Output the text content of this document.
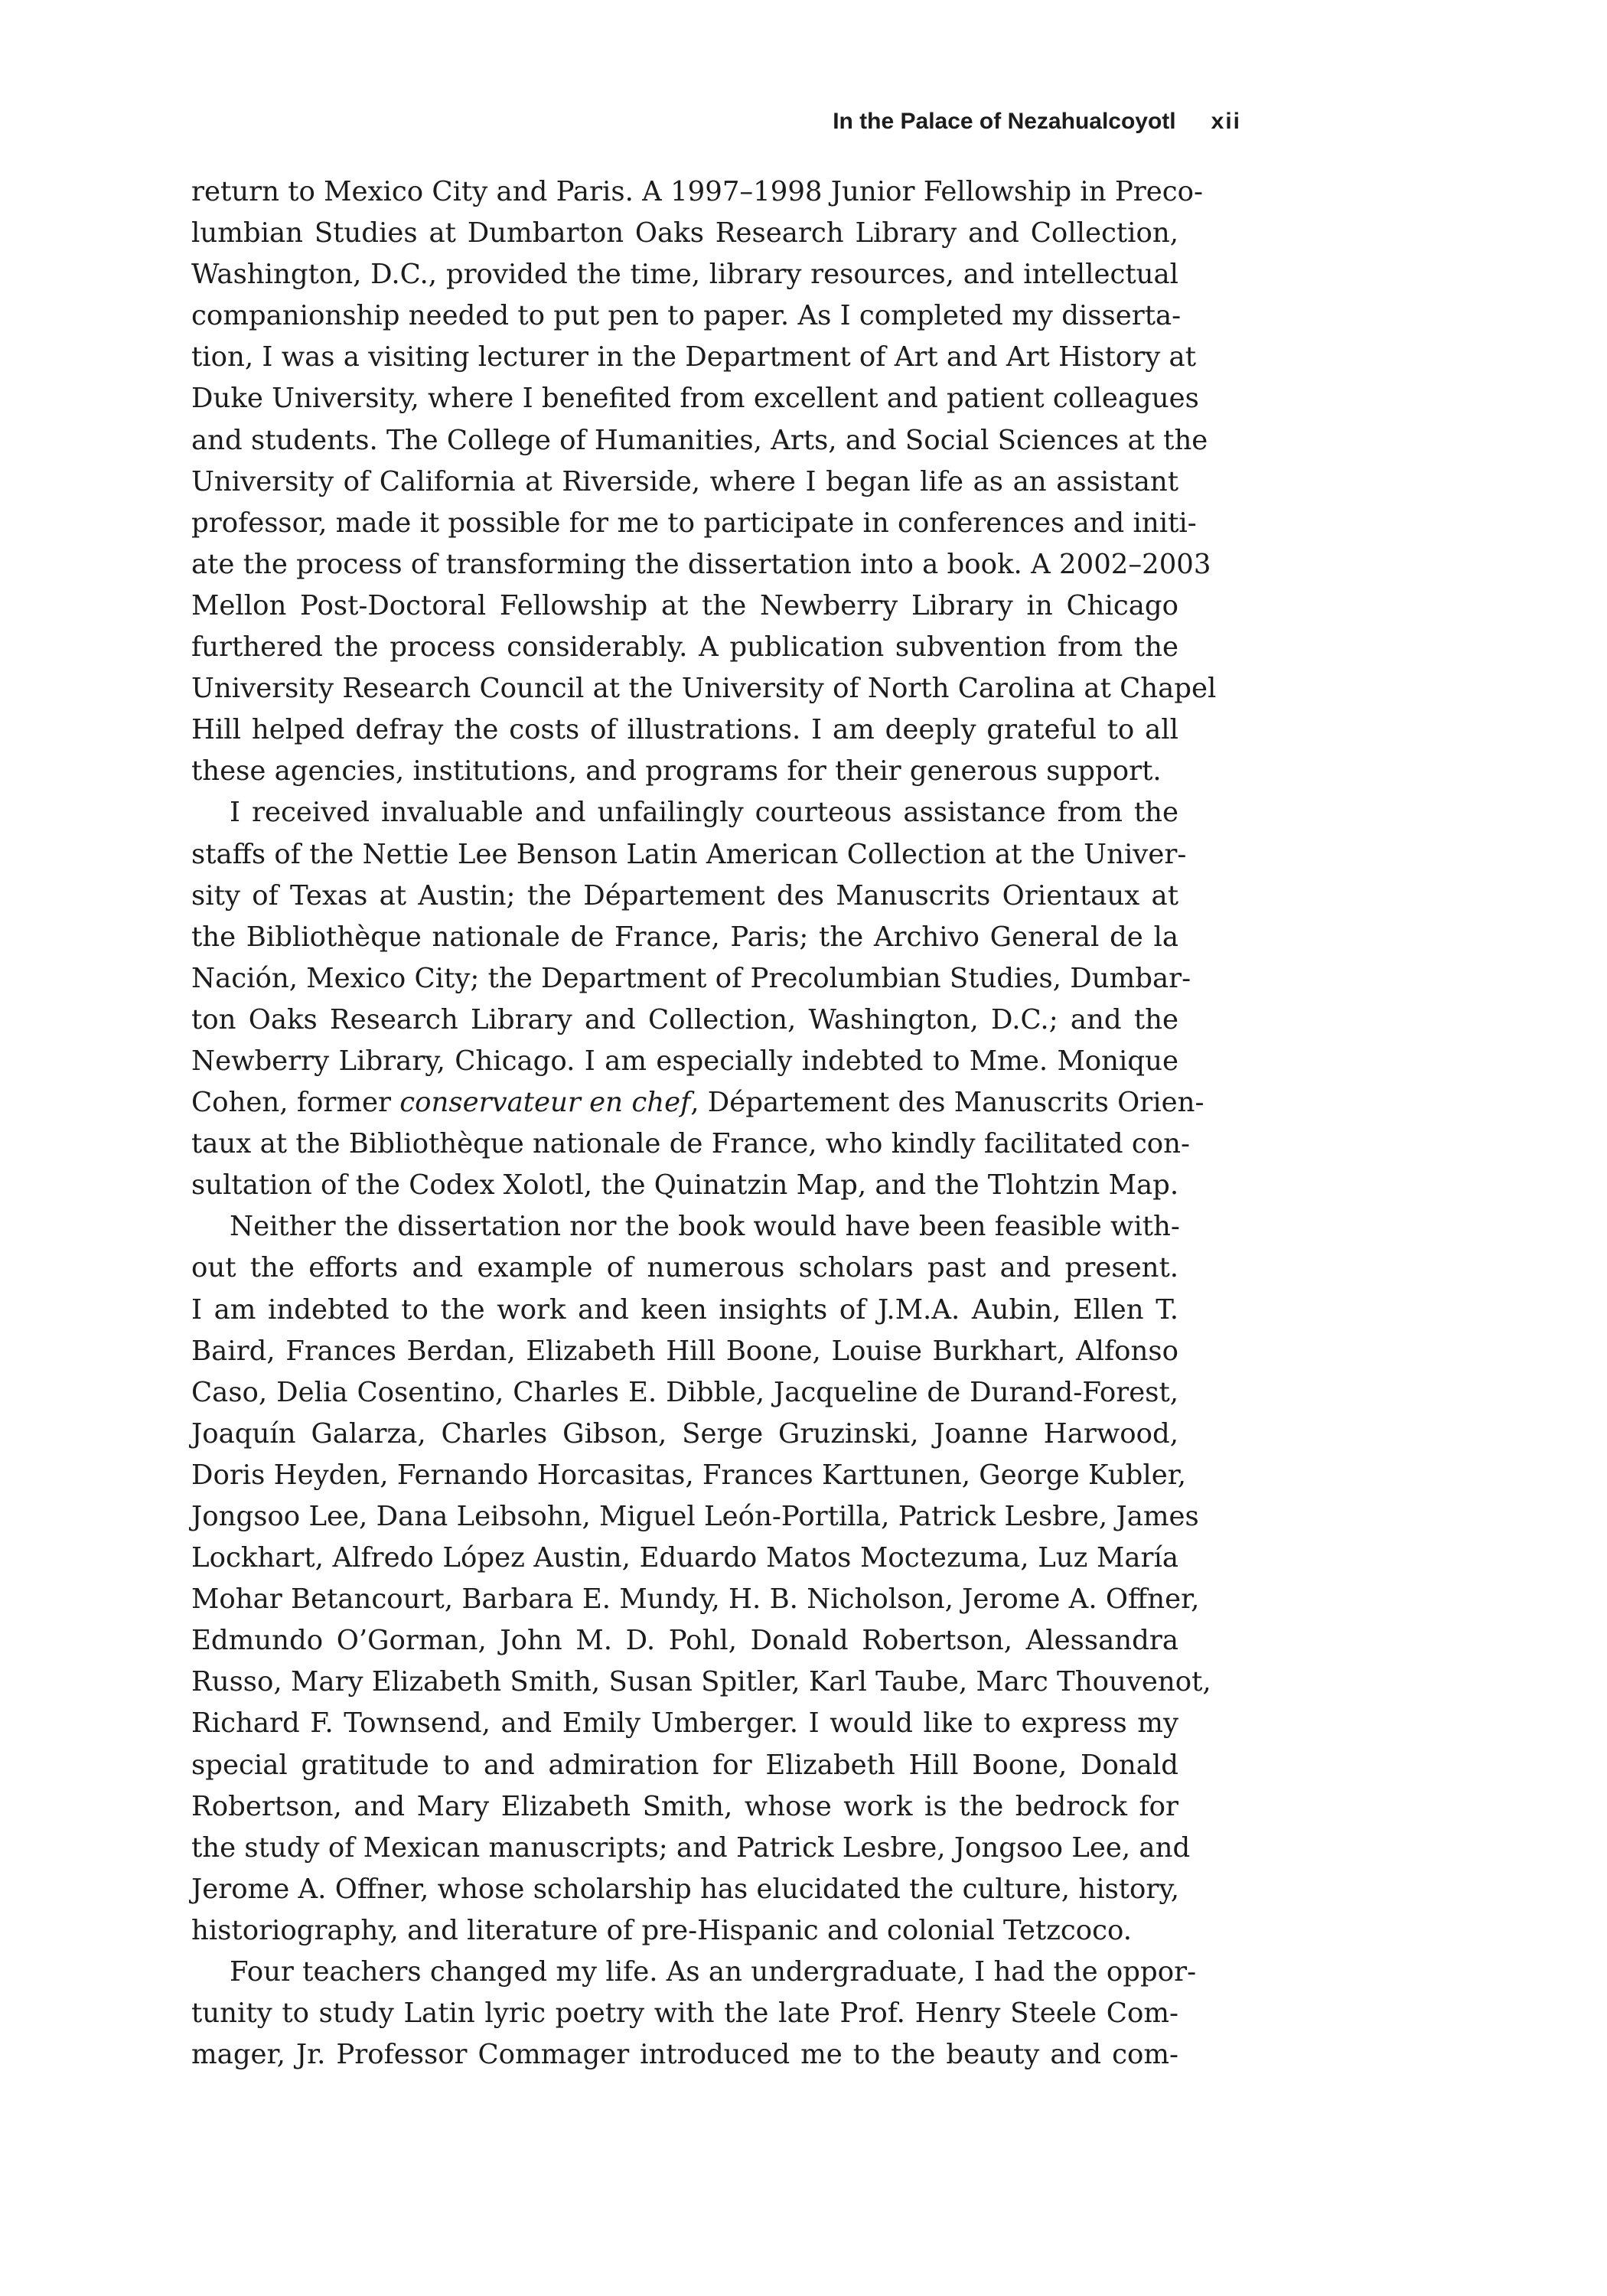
In the Palace of Nezahualcoyotl xii
return to Mexico City and Paris. A 1997–1998 Junior Fellowship in Preco-
lumbian Studies at Dumbarton Oaks Research Library and Collection,
Washington, D.C., provided the time, library resources, and intellectual
companionship needed to put pen to paper. As I completed my disserta-
tion, I was a visiting lecturer in the Department of Art and Art History at
Duke University, where I benefited from excellent and patient colleagues
and students. The College of Humanities, Arts, and Social Sciences at the
University of California at Riverside, where I began life as an assistant
professor, made it possible for me to participate in conferences and initi-
ate the process of transforming the dissertation into a book. A 2002–2003
Mellon Post-Doctoral Fellowship at the Newberry Library in Chicago
furthered the process considerably. A publication subvention from the
University Research Council at the University of North Carolina at Chapel
Hill helped defray the costs of illustrations. I am deeply grateful to all
these agencies, institutions, and programs for their generous support.
I received invaluable and unfailingly courteous assistance from the
staffs of the Nettie Lee Benson Latin American Collection at the Univer-
sity of Texas at Austin; the Département des Manuscrits Orientaux at
the Bibliothèque nationale de France, Paris; the Archivo General de la
Nación, Mexico City; the Department of Precolumbian Studies, Dumbar-
ton Oaks Research Library and Collection, Washington, D.C.; and the
Newberry Library, Chicago. I am especially indebted to Mme. Monique
Cohen, former conservateur en chef, Département des Manuscrits Orien-
taux at the Bibliothèque nationale de France, who kindly facilitated con-
sultation of the Codex Xolotl, the Quinatzin Map, and the Tlohtzin Map.
Neither the dissertation nor the book would have been feasible with-
out the efforts and example of numerous scholars past and present.
I am indebted to the work and keen insights of J.M.A. Aubin, Ellen T.
Baird, Frances Berdan, Elizabeth Hill Boone, Louise Burkhart, Alfonso
Caso, Delia Cosentino, Charles E. Dibble, Jacqueline de Durand-Forest,
Joaquín Galarza, Charles Gibson, Serge Gruzinski, Joanne Harwood,
Doris Heyden, Fernando Horcasitas, Frances Karttunen, George Kubler,
Jongsoo Lee, Dana Leibsohn, Miguel León-Portilla, Patrick Lesbre, James
Lockhart, Alfredo López Austin, Eduardo Matos Moctezuma, Luz María
Mohar Betancourt, Barbara E. Mundy, H. B. Nicholson, Jerome A. Offner,
Edmundo O’Gorman, John M. D. Pohl, Donald Robertson, Alessandra
Russo, Mary Elizabeth Smith, Susan Spitler, Karl Taube, Marc Thouvenot,
Richard F. Townsend, and Emily Umberger. I would like to express my
special gratitude to and admiration for Elizabeth Hill Boone, Donald
Robertson, and Mary Elizabeth Smith, whose work is the bedrock for
the study of Mexican manuscripts; and Patrick Lesbre, Jongsoo Lee, and
Jerome A. Offner, whose scholarship has elucidated the culture, history,
historiography, and literature of pre-Hispanic and colonial Tetzcoco.
Four teachers changed my life. As an undergraduate, I had the oppor-
tunity to study Latin lyric poetry with the late Prof. Henry Steele Com-
mager, Jr. Professor Commager introduced me to the beauty and com-
